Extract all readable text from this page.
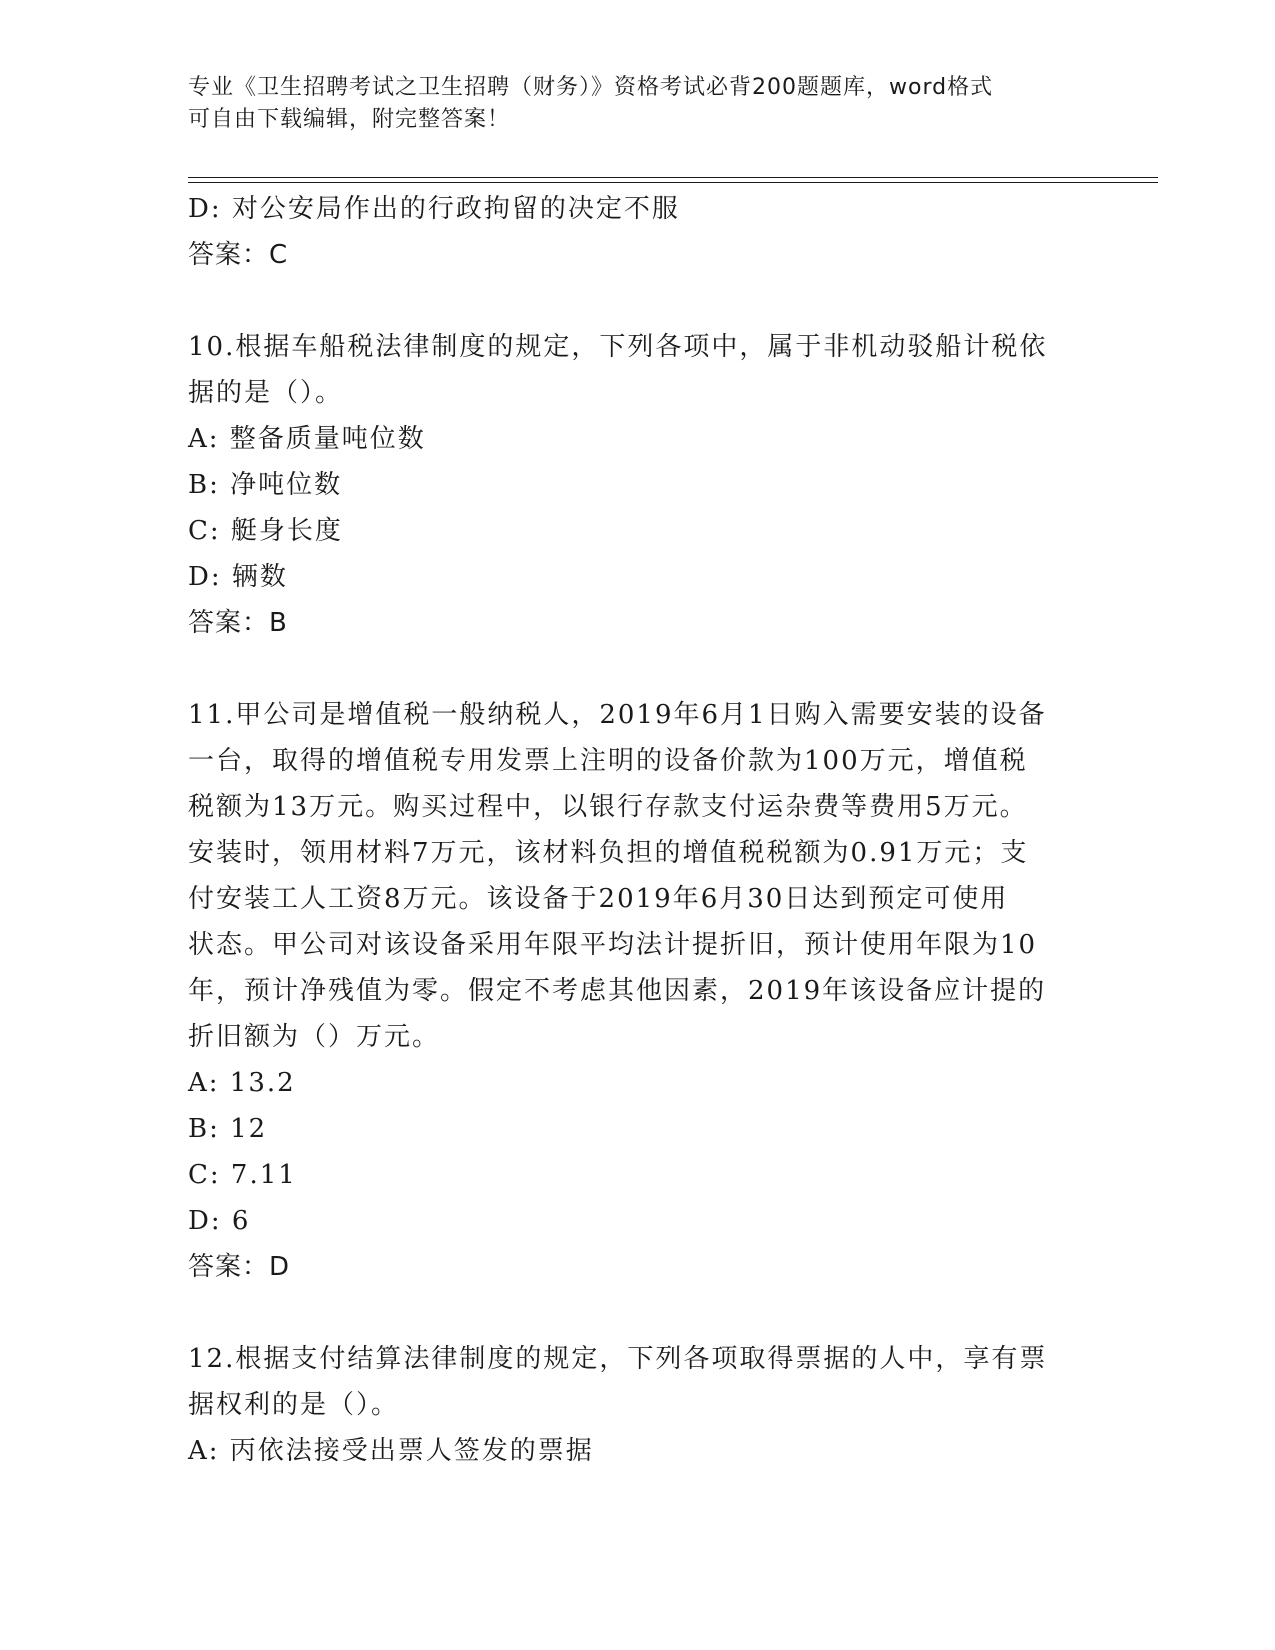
专业《卫生招聘考试之卫生招聘（财务）》资格考试必背200题题库，word格式
可自由下载编辑，附完整答案！
D: 对公安局作出的行政拘留的决定不服
答案：C
10.根据车船税法律制度的规定，下列各项中，属于非机动驳船计税依
据的是（）。
A: 整备质量吨位数
B: 净吨位数
C: 艇身长度
D: 辆数
答案：B
11.甲公司是增值税一般纳税人，2019年6月1日购入需要安装的设备
一台，取得的增值税专用发票上注明的设备价款为100万元，增值税
税额为13万元。购买过程中，以银行存款支付运杂费等费用5万元。
安装时，领用材料7万元，该材料负担的增值税税额为0.91万元；支
付安装工人工资8万元。该设备于2019年6月30日达到预定可使用
状态。甲公司对该设备采用年限平均法计提折旧，预计使用年限为10
年，预计净残值为零。假定不考虑其他因素，2019年该设备应计提的
折旧额为（）万元。
A: 13.2
B: 12
C: 7.11
D: 6
答案：D
12.根据支付结算法律制度的规定，下列各项取得票据的人中，享有票
据权利的是（）。
A: 丙依法接受出票人签发的票据
